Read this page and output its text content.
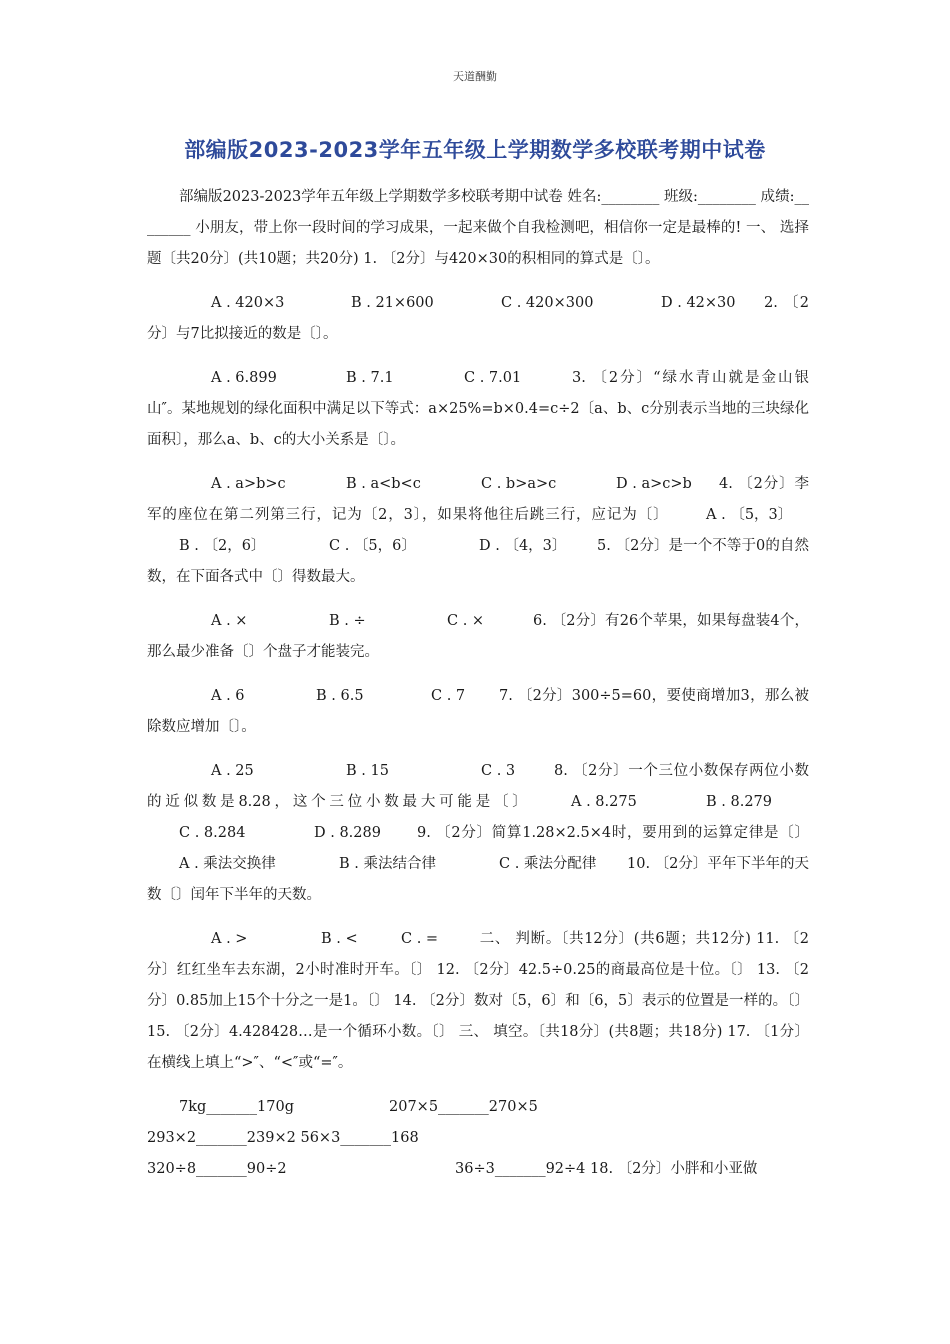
天道酬勤
部编版2023-2023学年五年级上学期数学多校联考期中试卷

部编版2023-2023学年五年级上学期数学多校联考期中试卷 姓名:________ 班级:________ 成绩:________ 小朋友，带上你一段时间的学习成果，一起来做个自我检测吧，相信你一定是最棒的! 一、 选择题〔共20分〕(共10题；共20分) 1. 〔2分〕与420×30的积相同的算式是〔〕。

A . 420×3	B . 21×600	C . 420×300	D . 42×30 2. 〔2分〕与7比拟接近的数是〔〕。

A . 6.899	B . 7.1	C . 7.01	3. 〔2分〕“绿水青山就是金山银山″。某地规划的绿化面积中满足以下等式：a×25%=b×0.4=c÷2〔a、b、c分别表示当地的三块绿化面积〕，那么a、b、c的大小关系是〔〕。

A . a>b>c	B . a<b<c	C . b>a>c	D . a>c>b 4. 〔2分〕李军的座位在第二列第三行，记为〔2，3〕，如果将他往后跳三行，应记为〔〕	A . 〔5，3〕B . 〔2，6〕	C . 〔5，6〕	D . 〔4，3〕 5. 〔2分〕是一个不等于0的自然数，在下面各式中〔〕得数最大。

A . ×	B . ÷	C . ×	6. 〔2分〕有26个苹果，如果每盘装4个，那么最少准备〔〕个盘子才能装完。

A . 6	B . 6.5	C . 7 7. 〔2分〕300÷5=60，要使商增加3，那么被除数应增加〔〕。

A . 25	B . 15	C . 3	8. 〔2分〕一个三位小数保存两位小数的近似数是8.28，这个三位小数最大可能是〔〕	A . 8.275	B . 8.279 C . 8.284	D . 8.289 9. 〔2分〕简算1.28×2.5×4时，要用到的运算定律是〔〕 A . 乘法交换律	B . 乘法结合律	C . 乘法分配律 10. 〔2分〕平年下半年的天数〔〕闰年下半年的天数。

A . >	B . <	C . =	二、 判断。〔共12分〕(共6题；共12分) 11. 〔2分〕红红坐车去东湖，2小时准时开车。〔〕 12. 〔2分〕42.5÷0.25的商最高位是十位。〔〕 13. 〔2分〕0.85加上15个十分之一是1。〔〕 14. 〔2分〕数对〔5，6〕和〔6，5〕表示的位置是一样的。〔〕 15. 〔2分〕4.428428…是一个循环小数。〔〕 三、 填空。〔共18分〕(共8题；共18分) 17. 〔1分〕在横线上填上“>″、“<″或“=″。

7kg_______170g	207×5_______270×5
293×2_______239×2 56×3_______168
320÷8_______90÷2	36÷3_______92÷4 18. 〔2分〕小胖和小亚做
